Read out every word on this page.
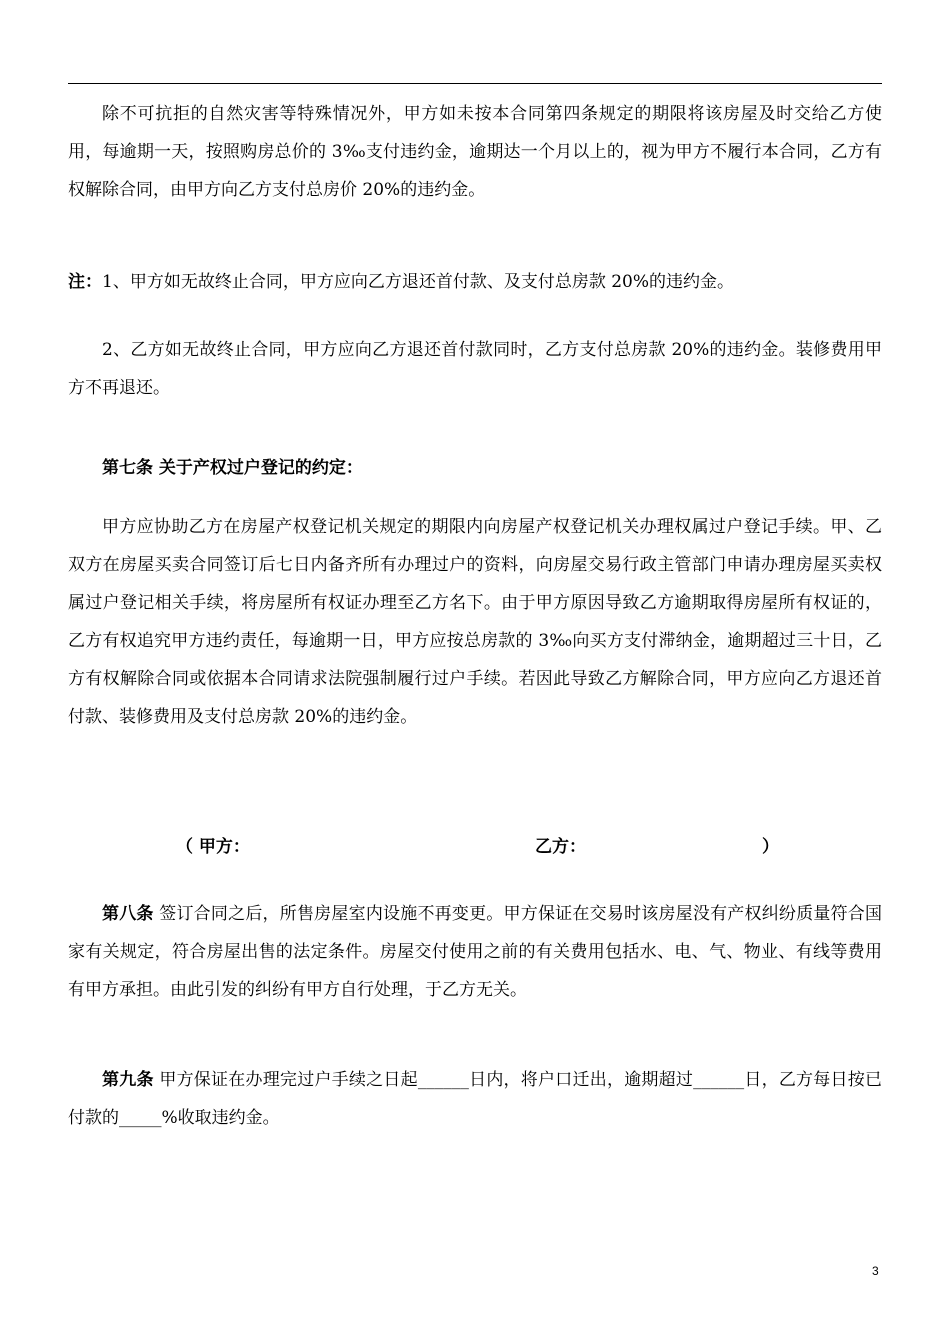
除不可抗拒的自然灾害等特殊情况外，甲方如未按本合同第四条规定的期限将该房屋及时交给乙方使用，每逾期一天，按照购房总价的 3‰支付违约金，逾期达一个月以上的，视为甲方不履行本合同，乙方有权解除合同，由甲方向乙方支付总房价 20%的违约金。

注：1、甲方如无故终止合同，甲方应向乙方退还首付款、及支付总房款 20%的违约金。

2、乙方如无故终止合同，甲方应向乙方退还首付款同时，乙方支付总房款 20%的违约金。装修费用甲方不再退还。

第七条 关于产权过户登记的约定：

甲方应协助乙方在房屋产权登记机关规定的期限内向房屋产权登记机关办理权属过户登记手续。甲、乙双方在房屋买卖合同签订后七日内备齐所有办理过户的资料，向房屋交易行政主管部门申请办理房屋买卖权属过户登记相关手续，将房屋所有权证办理至乙方名下。由于甲方原因导致乙方逾期取得房屋所有权证的，乙方有权追究甲方违约责任，每逾期一日，甲方应按总房款的 3‰向买方支付滞纳金，逾期超过三十日，乙方有权解除合同或依据本合同请求法院强制履行过户手续。若因此导致乙方解除合同，甲方应向乙方退还首付款、装修费用及支付总房款 20%的违约金。

（ 甲方：	乙方：	）

第八条 签订合同之后，所售房屋室内设施不再变更。甲方保证在交易时该房屋没有产权纠纷质量符合国家有关规定，符合房屋出售的法定条件。房屋交付使用之前的有关费用包括水、电、气、物业、有线等费用有甲方承担。由此引发的纠纷有甲方自行处理，于乙方无关。

第九条 甲方保证在办理完过户手续之日起______日内，将户口迁出，逾期超过______日，乙方每日按已付款的_____%收取违约金。

3
